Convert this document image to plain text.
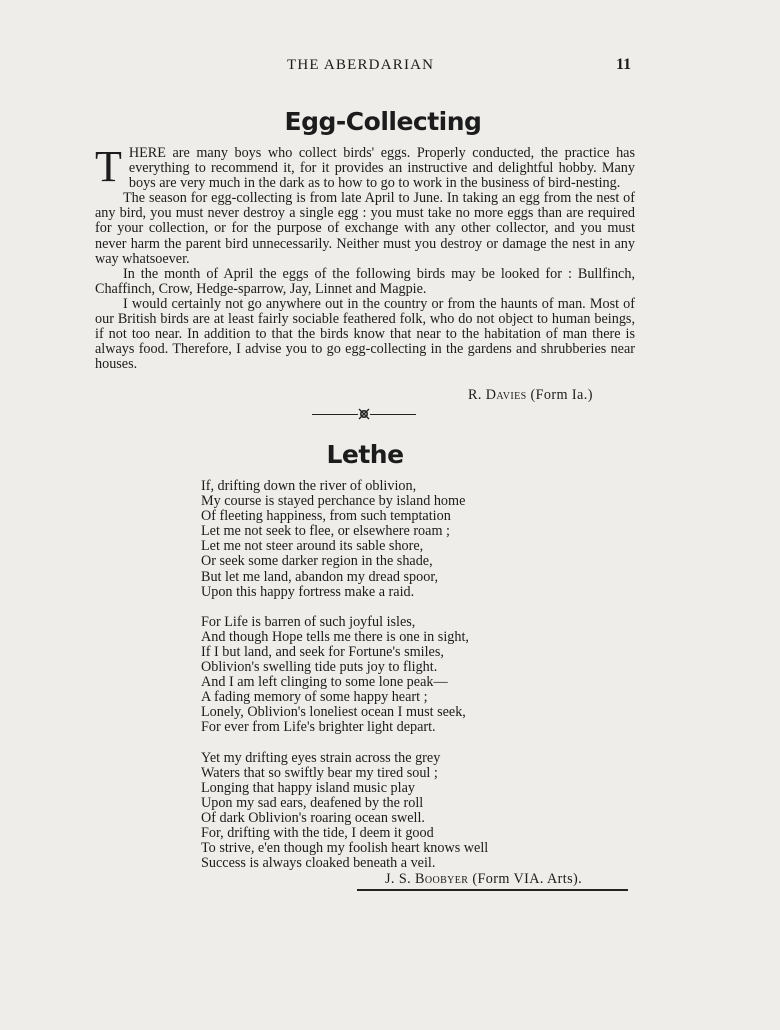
THE ABERDARIAN	11
Egg-Collecting

THERE are many boys who collect birds' eggs. Properly conducted, the practice has everything to recommend it, for it provides an instructive and delightful hobby. Many boys are very much in the dark as to how to go to work in the business of bird-nesting.

The season for egg-collecting is from late April to June. In taking an egg from the nest of any bird, you must never destroy a single egg : you must take no more eggs than are required for your collection, or for the purpose of exchange with any other collector, and you must never harm the parent bird unnecessarily. Neither must you destroy or damage the nest in any way whatsoever.

In the month of April the eggs of the following birds may be looked for : Bullfinch, Chaffinch, Crow, Hedge-sparrow, Jay, Linnet and Magpie.

I would certainly not go anywhere out in the country or from the haunts of man. Most of our British birds are at least fairly sociable feathered folk, who do not object to human beings, if not too near. In addition to that the birds know that near to the habitation of man there is always food. Therefore, I advise you to go egg-collecting in the gardens and shrubberies near houses.

R. Davies (Form Ia.)
Lethe
If, drifting down the river of oblivion,
My course is stayed perchance by island home
Of fleeting happiness, from such temptation
Let me not seek to flee, or elsewhere roam ;
Let me not steer around its sable shore,
Or seek some darker region in the shade,
But let me land, abandon my dread spoor,
Upon this happy fortress make a raid.
For Life is barren of such joyful isles,
And though Hope tells me there is one in sight,
If I but land, and seek for Fortune's smiles,
Oblivion's swelling tide puts joy to flight.
And I am left clinging to some lone peak—
A fading memory of some happy heart ;
Lonely, Oblivion's loneliest ocean I must seek,
For ever from Life's brighter light depart.
Yet my drifting eyes strain across the grey
Waters that so swiftly bear my tired soul ;
Longing that happy island music play
Upon my sad ears, deafened by the roll
Of dark Oblivion's roaring ocean swell.
For, drifting with the tide, I deem it good
To strive, e'en though my foolish heart knows well
Success is always cloaked beneath a veil.
J. S. Boobyer (Form VIA. Arts).
